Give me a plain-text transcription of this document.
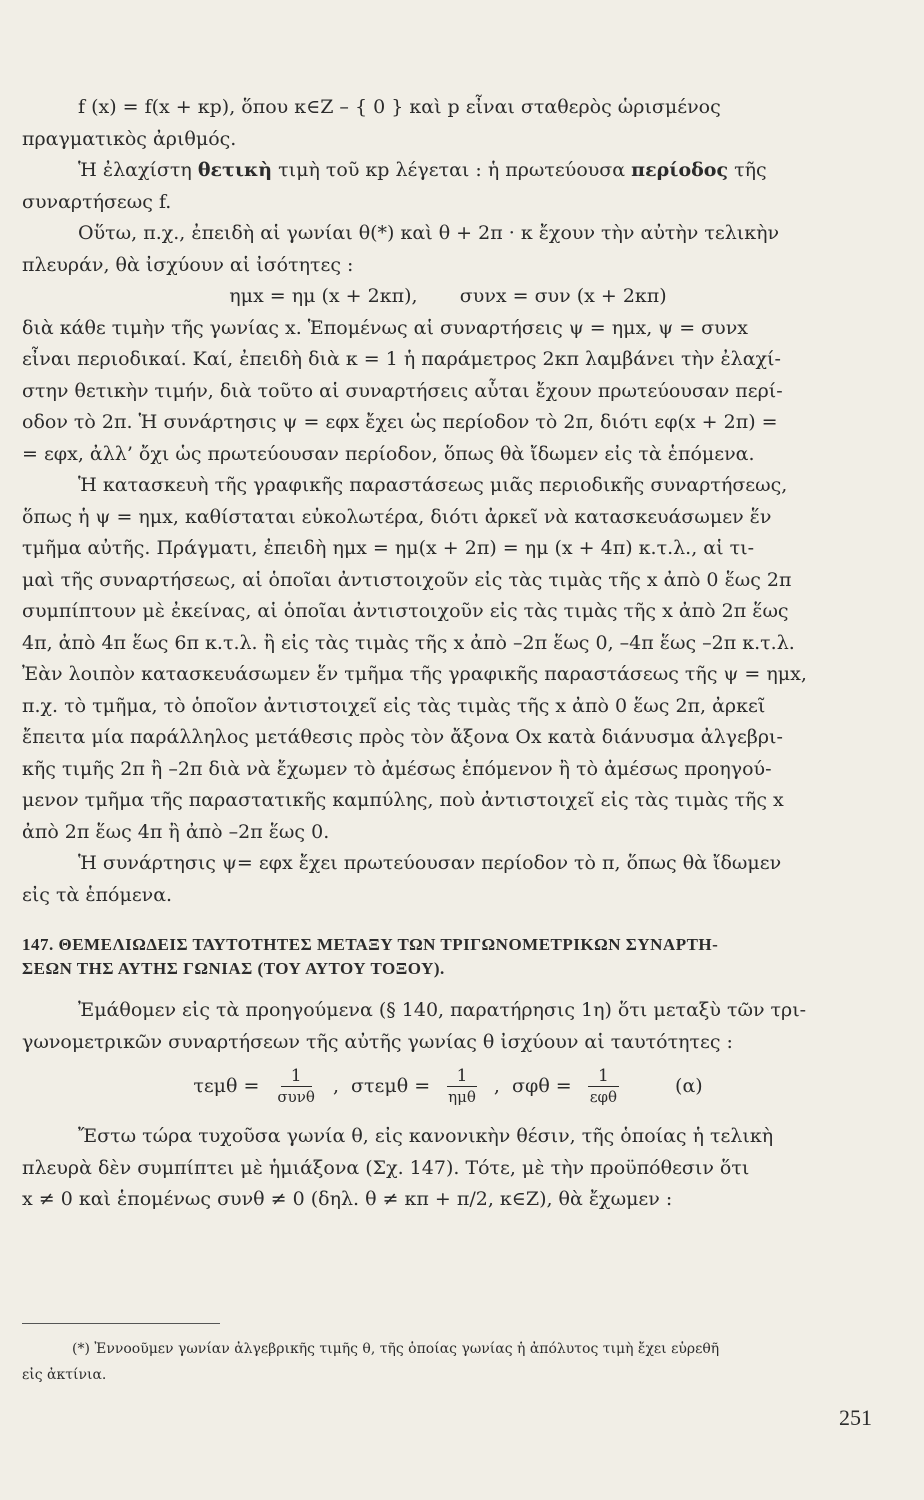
f (x) = f(x + κp), ὅπου κ∈Ζ – { 0 } καὶ p εἶναι σταθερὸς ὡρισμένος
πραγματικὸς ἀριθμός.
Ἡ ἐλαχίστη θετικὴ τιμὴ τοῦ κp λέγεται : ἡ πρωτεύουσα περίοδος τῆς
συναρτήσεως f.
Οὕτω, π.χ., ἐπειδὴ αἱ γωνίαι θ(*) καὶ θ + 2π · κ ἔχουν τὴν αὐτὴν τελικὴν
πλευράν, θὰ ἰσχύουν αἱ ἰσότητες :
ημx = ημ (x + 2κπ),       συνx = συν (x + 2κπ)
διὰ κάθε τιμὴν τῆς γωνίας x. Ἑπομένως αἱ συναρτήσεις ψ = ημx, ψ = συνx
εἶναι περιοδικαί. Καί, ἐπειδὴ διὰ κ = 1 ἡ παράμετρος 2κπ λαμβάνει τὴν ἐλαχί-
στην θετικὴν τιμήν, διὰ τοῦτο αἱ συναρτήσεις αὗται ἔχουν πρωτεύουσαν περί-
οδον τὸ 2π. Ἡ συνάρτησις ψ = εφx ἔχει ὡς περίοδον τὸ 2π, διότι εφ(x + 2π) =
= εφx, ἀλλ’ ὄχι ὡς πρωτεύουσαν περίοδον, ὅπως θὰ ἴδωμεν εἰς τὰ ἑπόμενα.
Ἡ κατασκευὴ τῆς γραφικῆς παραστάσεως μιᾶς περιοδικῆς συναρτήσεως,
ὅπως ἡ ψ = ημx, καθίσταται εὐκολωτέρα, διότι ἀρκεῖ νὰ κατασκευάσωμεν ἕν
τμῆμα αὐτῆς. Πράγματι, ἐπειδὴ ημx = ημ(x + 2π) = ημ (x + 4π) κ.τ.λ., αἱ τι-
μαὶ τῆς συναρτήσεως, αἱ ὁποῖαι ἀντιστοιχοῦν εἰς τὰς τιμὰς τῆς x ἀπὸ 0 ἕως 2π
συμπίπτουν μὲ ἐκείνας, αἱ ὁποῖαι ἀντιστοιχοῦν εἰς τὰς τιμὰς τῆς x ἀπὸ 2π ἕως
4π, ἀπὸ 4π ἕως 6π κ.τ.λ. ἢ εἰς τὰς τιμὰς τῆς x ἀπὸ –2π ἕως 0, –4π ἕως –2π κ.τ.λ.
Ἐὰν λοιπὸν κατασκευάσωμεν ἕν τμῆμα τῆς γραφικῆς παραστάσεως τῆς ψ = ημx,
π.χ. τὸ τμῆμα, τὸ ὁποῖον ἀντιστοιχεῖ εἰς τὰς τιμὰς τῆς x ἀπὸ 0 ἕως 2π, ἀρκεῖ
ἔπειτα μία παράλληλος μετάθεσις πρὸς τὸν ἄξονα Ox κατὰ διάνυσμα ἀλγεβρι-
κῆς τιμῆς 2π ἢ –2π διὰ νὰ ἔχωμεν τὸ ἀμέσως ἑπόμενον ἢ τὸ ἀμέσως προηγού-
μενον τμῆμα τῆς παραστατικῆς καμπύλης, ποὺ ἀντιστοιχεῖ εἰς τὰς τιμὰς τῆς x
ἀπὸ 2π ἕως 4π ἢ ἀπὸ –2π ἕως 0.
Ἡ συνάρτησις ψ= εφx ἔχει πρωτεύουσαν περίοδον τὸ π, ὅπως θὰ ἴδωμεν
εἰς τὰ ἑπόμενα.
147. ΘΕΜΕΛΙΩΔΕΙΣ ΤΑΥΤΟΤΗΤΕΣ ΜΕΤΑΞΥ ΤΩΝ ΤΡΙΓΩΝΟΜΕΤΡΙΚΩΝ ΣΥΝΑΡΤΗ-
ΣΕΩΝ ΤΗΣ ΑΥΤΗΣ ΓΩΝΙΑΣ (ΤΟΥ ΑΥΤΟΥ ΤΟΞΟΥ).
Ἐμάθομεν εἰς τὰ προηγούμενα (§ 140, παρατήρησις 1η) ὅτι μεταξὺ τῶν τρι-
γωνομετρικῶν συναρτήσεων τῆς αὐτῆς γωνίας θ ἰσχύουν αἱ ταυτότητες :
$\tau\varepsilon\mu\theta = \frac{1}{\text{συνθ}}$ ,  $\sigma\tau\varepsilon\mu\theta = \frac{1}{\text{ημθ}}$ ,  $\sigma\varphi\theta = \frac{1}{\text{εφθ}}$	(α)
Ἔστω τώρα τυχοῦσα γωνία θ, εἰς κανονικὴν θέσιν, τῆς ὁποίας ἡ τελικὴ
πλευρὰ δὲν συμπίπτει μὲ ἡμιάξονα (Σχ. 147). Τότε, μὲ τὴν προϋπόθεσιν ὅτι
x ≠ 0 καὶ ἑπομένως συνθ ≠ 0 (δηλ. θ ≠ κπ + π/2, κ∈Ζ), θὰ ἔχωμεν :
(*) Ἐννοοῦμεν γωνίαν ἀλγεβρικῆς τιμῆς θ, τῆς ὁποίας γωνίας ἡ ἀπόλυτος τιμὴ ἔχει εὑρεθῆ
εἰς ἀκτίνια.
251
